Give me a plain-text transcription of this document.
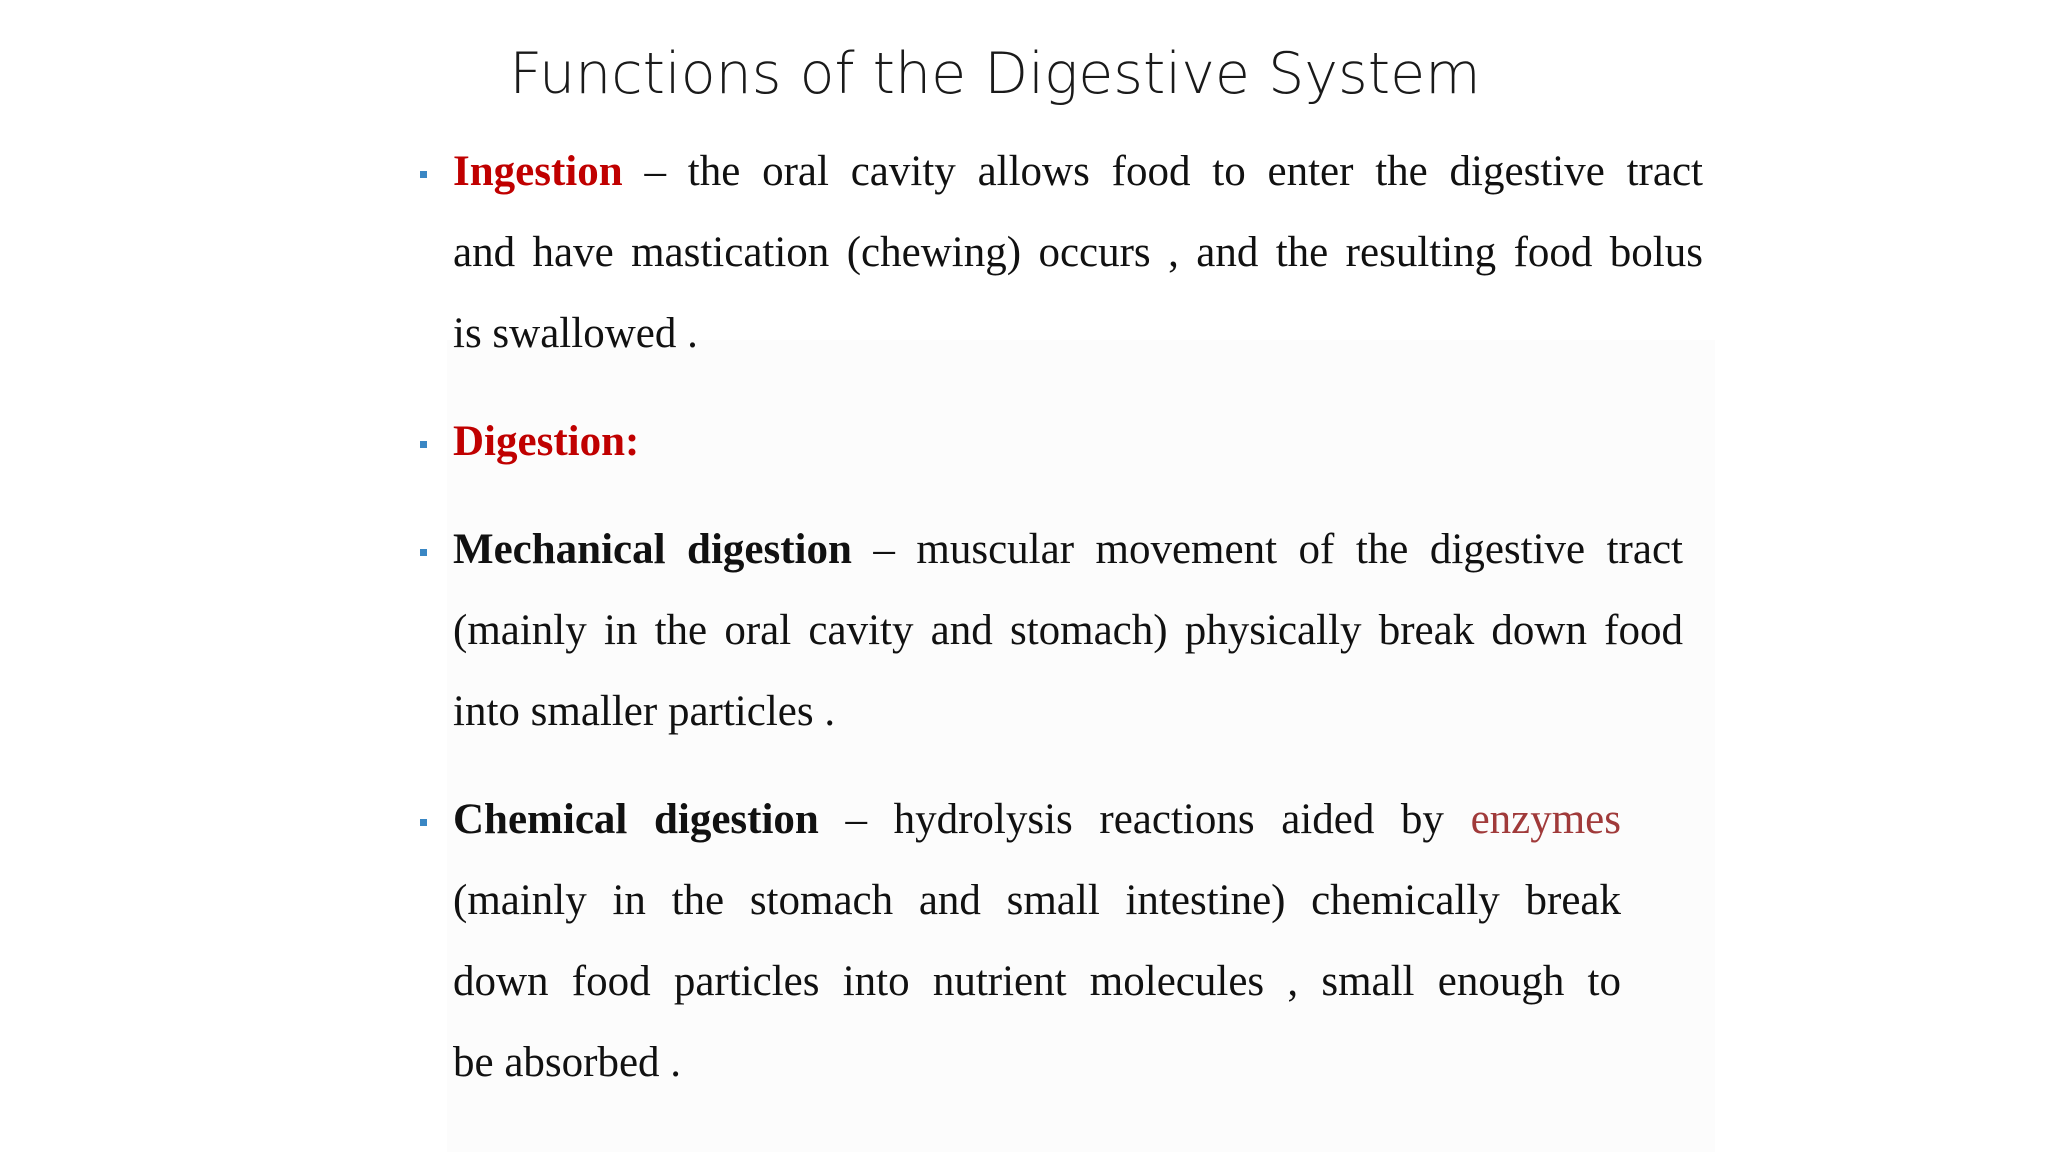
Functions of the Digestive System
Ingestion – the oral cavity allows food to enter the digestive tract
and have mastication (chewing) occurs , and the resulting food bolus
is swallowed .
Digestion:
Mechanical digestion – muscular movement of the digestive tract
(mainly in the oral cavity and stomach) physically break down food
into smaller particles .
Chemical digestion – hydrolysis reactions aided by enzymes
(mainly in the stomach and small intestine) chemically break
down food particles into nutrient molecules , small enough to
be absorbed .
